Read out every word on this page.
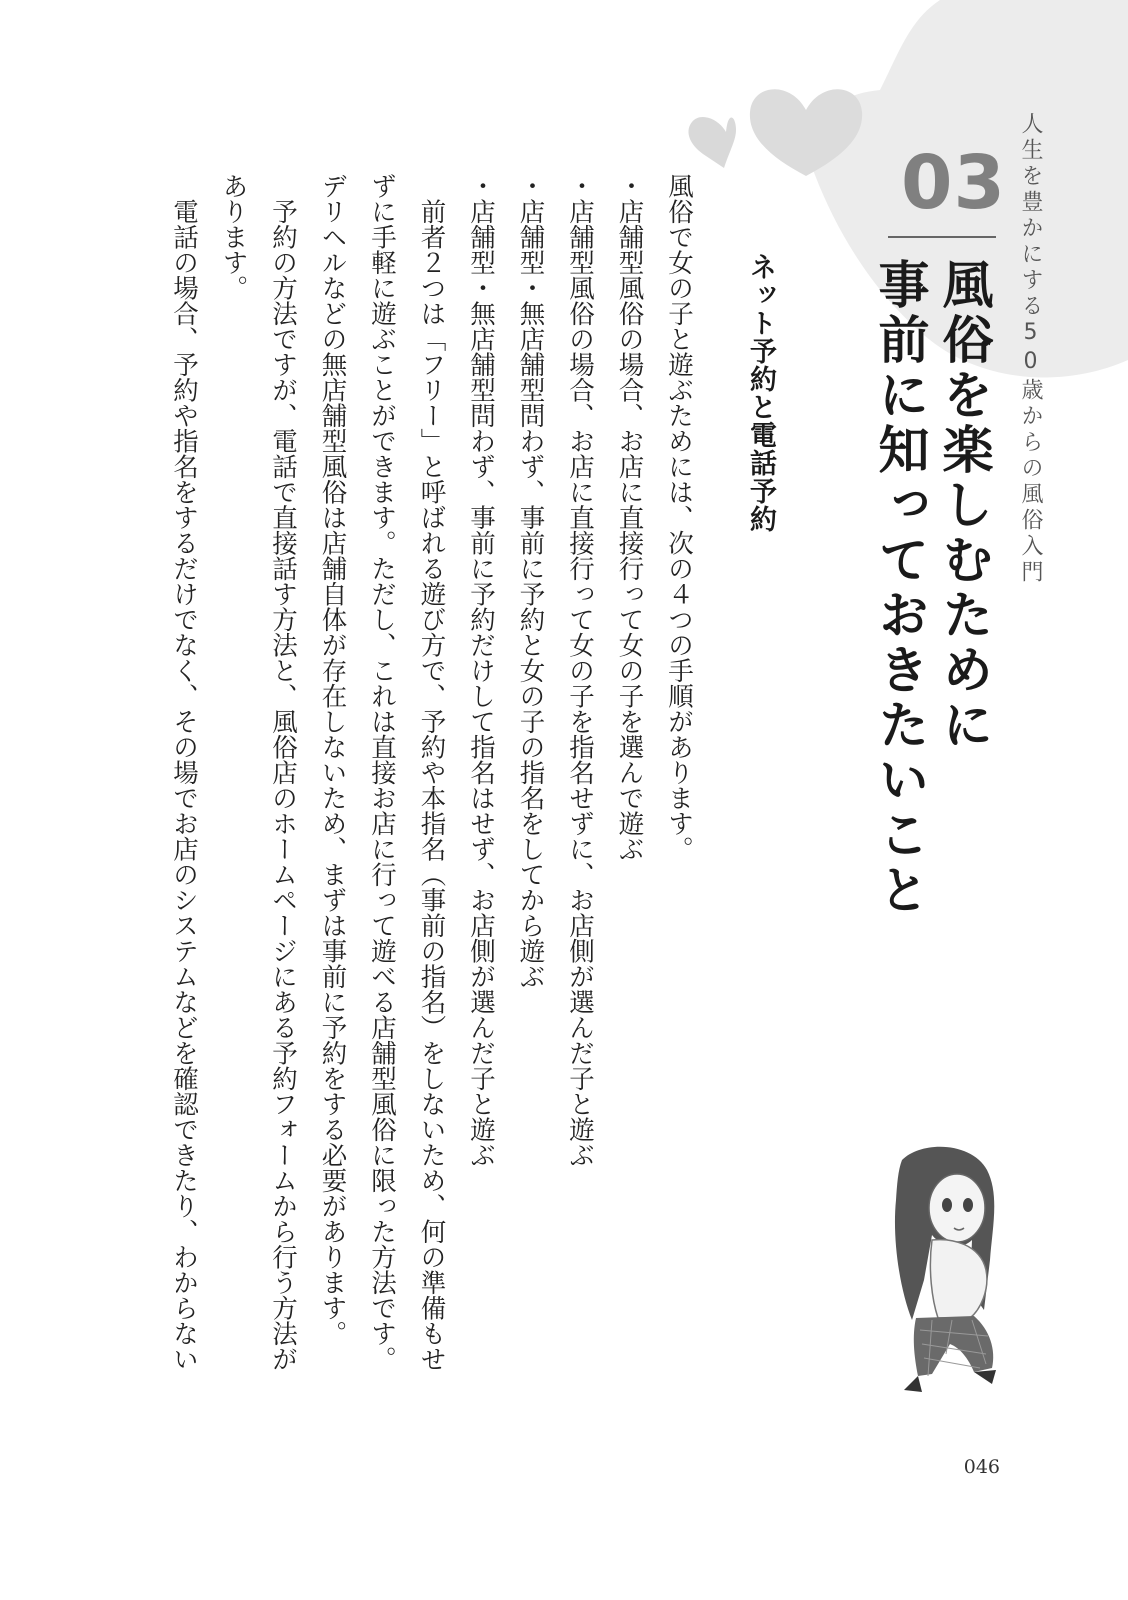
人生を豊かにする50歳からの風俗入門
03
風俗を楽しむために
事前に知っておきたいこと
ネット予約と電話予約
風俗で女の子と遊ぶためには、次の４つの手順があります。
・店舗型風俗の場合、お店に直接行って女の子を選んで遊ぶ
・店舗型風俗の場合、お店に直接行って女の子を指名せずに、お店側が選んだ子と遊ぶ
・店舗型・無店舗型問わず、事前に予約と女の子の指名をしてから遊ぶ
・店舗型・無店舗型問わず、事前に予約だけして指名はせず、お店側が選んだ子と遊ぶ
　前者２つは「フリー」と呼ばれる遊び方で、予約や本指名（事前の指名）をしないため、何の準備もせ
ずに手軽に遊ぶことができます。ただし、これは直接お店に行って遊べる店舗型風俗に限った方法です。
デリヘルなどの無店舗型風俗は店舗自体が存在しないため、まずは事前に予約をする必要があります。
　予約の方法ですが、電話で直接話す方法と、風俗店のホームページにある予約フォームから行う方法が
あります。
　電話の場合、予約や指名をするだけでなく、その場でお店のシステムなどを確認できたり、わからない
046
